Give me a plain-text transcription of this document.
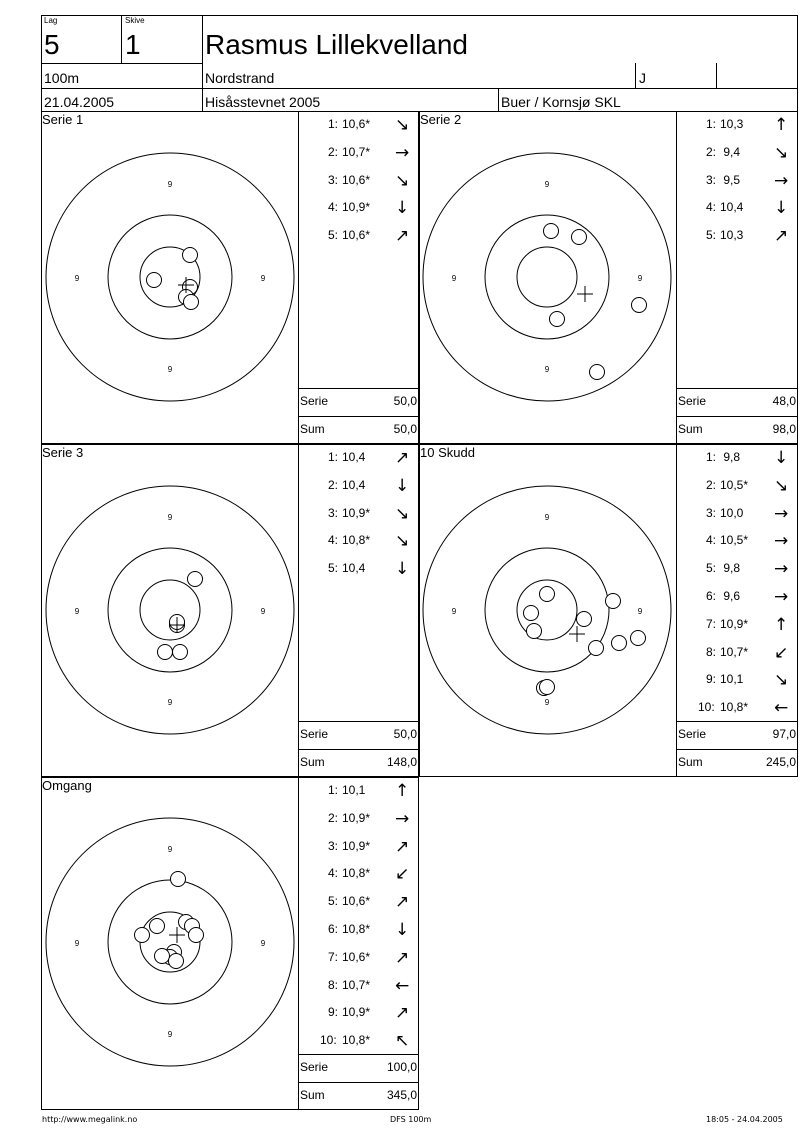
Lag
5
Skive
1 Rasmus Lillekvelland
100m	Nordstrand	J
21.04.2005	Hisåsstevnet 2005	Buer / Kornsjø SKL
Serie 1	1: 10,6* ↘
2: 10,7* →
3: 10,6* ↘
4: 10,9* ↓
5: 10,6* ↗
Serie	50,0
Sum	50,0
9
9
9	9
Serie 2	1: 10,3 ↑
2: 9,4 ↘
3: 9,5 →
4: 10,4 ↓
5: 10,3 ↗
Serie	48,0
Sum	98,0
9
9
9	9
Serie 3	1: 10,4 ↗
2: 10,4 ↓
3: 10,9* ↘
4: 10,8* ↘
5: 10,4 ↓
Serie	50,0
Sum	148,0
9
9
9	9
10 Skudd	1: 9,8 ↓
2: 10,5* ↘
3: 10,0 →
4: 10,5* →
5: 9,8 →
6: 9,6 →
7: 10,9* ↑
8: 10,7* ↙
9: 10,1 ↘
10: 10,8* ←
Serie	97,0
Sum	245,0
9
9
9	9
Omgang	1: 10,1 ↑
2: 10,9* →
3: 10,9* ↗
4: 10,8* ↙
5: 10,6* ↗
6: 10,8* ↓
7: 10,6* ↗
8: 10,7* ←
9: 10,9* ↗
10: 10,8* ↖
Serie	100,0
Sum	345,0
9
9
9	9
http://www.megalink.no	DFS 100m	18:05 - 24.04.2005
